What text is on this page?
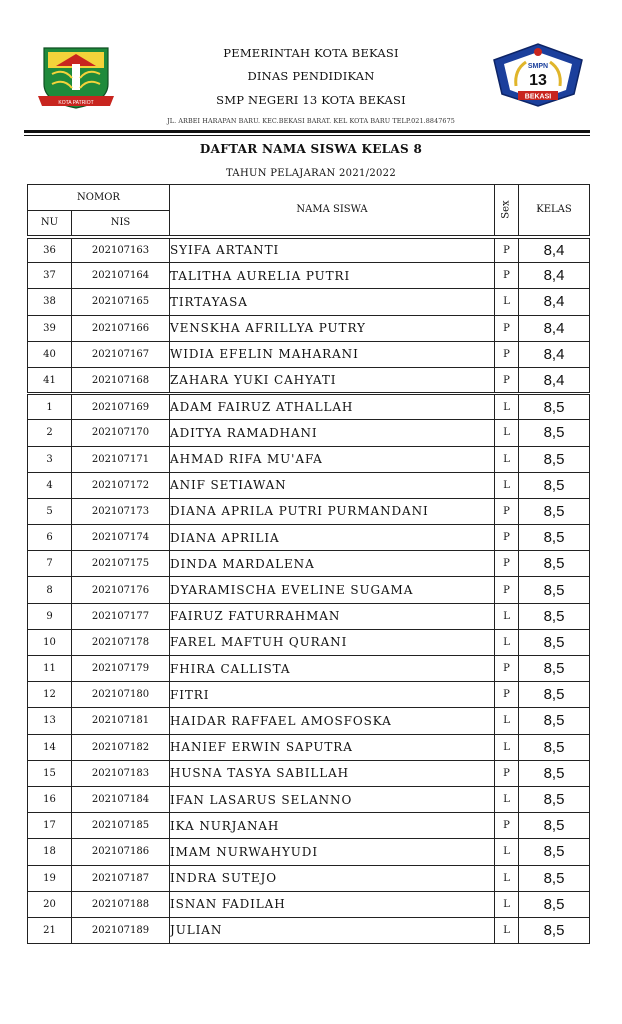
KOTA PATRIOT
PEMERINTAH KOTA BEKASI
DINAS PENDIDIKAN
SMP NEGERI 13 KOTA BEKASI
JL. ARBEI HARAPAN BARU. KEC.BEKASI BARAT. KEL KOTA BARU TELP.021.8847675
SMPN
13
BEKASI
DAFTAR NAMA SISWA KELAS 8
TAHUN PELAJARAN 2021/2022
NOMOR		NAMA SISWA	Sex	KELAS
NU	NIS			
36	202107163	SYIFA ARTANTI	P	8,4
37	202107164	TALITHA AURELIA PUTRI	P	8,4
38	202107165	TIRTAYASA	L	8,4
39	202107166	VENSKHA AFRILLYA PUTRY	P	8,4
40	202107167	WIDIA EFELIN MAHARANI	P	8,4
41	202107168	ZAHARA YUKI CAHYATI	P	8,4
1	202107169	ADAM FAIRUZ ATHALLAH	L	8,5
2	202107170	ADITYA RAMADHANI	L	8,5
3	202107171	AHMAD RIFA MU'AFA	L	8,5
4	202107172	ANIF SETIAWAN	L	8,5
5	202107173	DIANA APRILA PUTRI PURMANDANI	P	8,5
6	202107174	DIANA APRILIA	P	8,5
7	202107175	DINDA MARDALENA	P	8,5
8	202107176	DYARAMISCHA EVELINE SUGAMA	P	8,5
9	202107177	FAIRUZ FATURRAHMAN	L	8,5
10	202107178	FAREL MAFTUH QURANI	L	8,5
11	202107179	FHIRA CALLISTA	P	8,5
12	202107180	FITRI	P	8,5
13	202107181	HAIDAR RAFFAEL AMOSFOSKA	L	8,5
14	202107182	HANIEF ERWIN SAPUTRA	L	8,5
15	202107183	HUSNA TASYA SABILLAH	P	8,5
16	202107184	IFAN LASARUS SELANNO	L	8,5
17	202107185	IKA NURJANAH	P	8,5
18	202107186	IMAM NURWAHYUDI	L	8,5
19	202107187	INDRA SUTEJO	L	8,5
20	202107188	ISNAN FADILAH	L	8,5
21	202107189	JULIAN	L	8,5
